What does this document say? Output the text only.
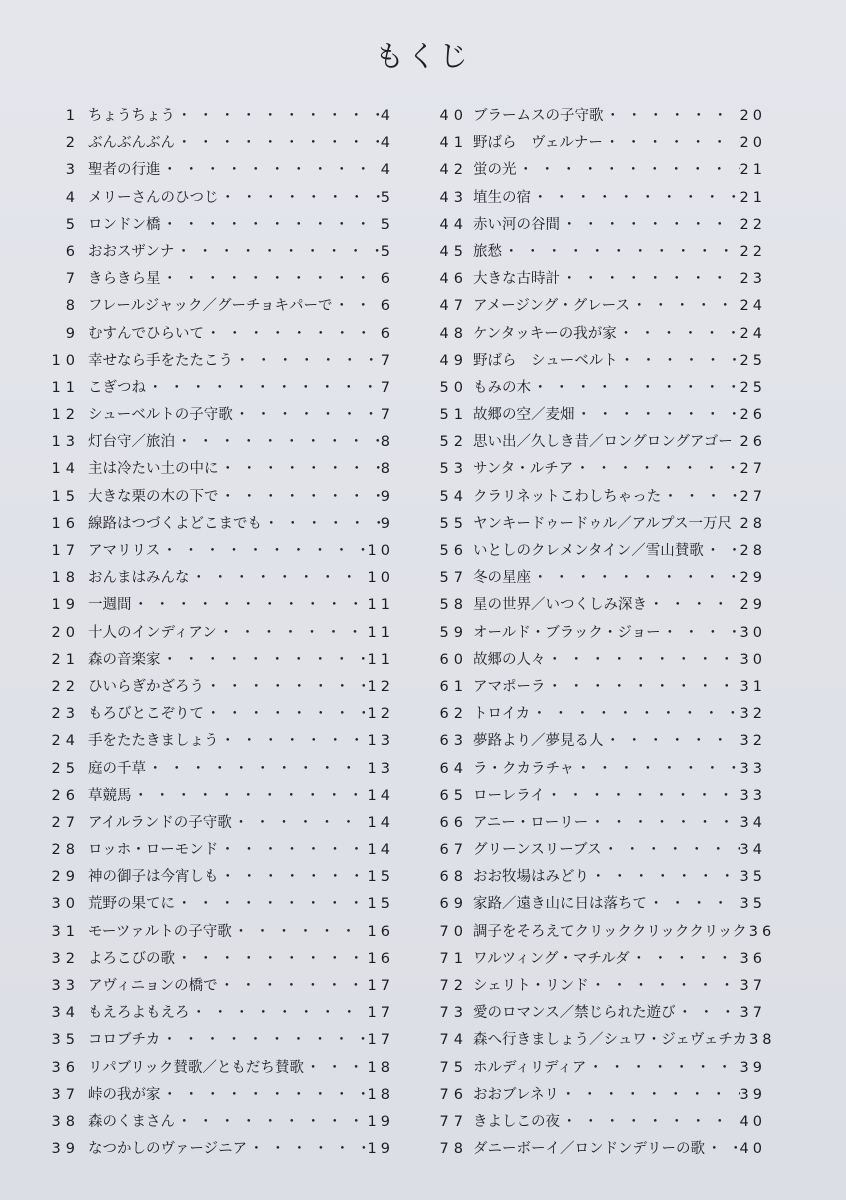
もくじ
1 ちょうちょう ・・・・・・・・・・・・・・・・・・・・・・・・・・・・・・・・・・・	4
2 ぶんぶんぶん ・・・・・・・・・・・・・・・・・・・・・・・・・・・・・・・・・・・	4
3 聖者の行進 ・・・・・・・・・・・・・・・・・・・・・・・・・・・・・・・・・・・	4
4 メリーさんのひつじ ・・・・・・・・・・・・・・・・・・・・・・・・・・・・・・・・・・・	5
5 ロンドン橋 ・・・・・・・・・・・・・・・・・・・・・・・・・・・・・・・・・・・	5
6 おおスザンナ ・・・・・・・・・・・・・・・・・・・・・・・・・・・・・・・・・・・	5
7 きらきら星 ・・・・・・・・・・・・・・・・・・・・・・・・・・・・・・・・・・・	6
8 フレールジャック／グーチョキパーで ・・・・・・・・・・・・・・・・・・・・・・・・・・・・・・・・・・・	6
9 むすんでひらいて ・・・・・・・・・・・・・・・・・・・・・・・・・・・・・・・・・・・	6
10 幸せなら手をたたこう ・・・・・・・・・・・・・・・・・・・・・・・・・・・・・・・・・・・	7
11 こぎつね ・・・・・・・・・・・・・・・・・・・・・・・・・・・・・・・・・・・	7
12 シューベルトの子守歌 ・・・・・・・・・・・・・・・・・・・・・・・・・・・・・・・・・・・	7
13 灯台守／旅泊 ・・・・・・・・・・・・・・・・・・・・・・・・・・・・・・・・・・・	8
14 主は冷たい土の中に ・・・・・・・・・・・・・・・・・・・・・・・・・・・・・・・・・・・	8
15 大きな栗の木の下で ・・・・・・・・・・・・・・・・・・・・・・・・・・・・・・・・・・・	9
16 線路はつづくよどこまでも ・・・・・・・・・・・・・・・・・・・・・・・・・・・・・・・・・・・	9
17 アマリリス ・・・・・・・・・・・・・・・・・・・・・・・・・・・・・・・・・・・	10
18 おんまはみんな ・・・・・・・・・・・・・・・・・・・・・・・・・・・・・・・・・・・	10
19 一週間 ・・・・・・・・・・・・・・・・・・・・・・・・・・・・・・・・・・・	11
20 十人のインディアン ・・・・・・・・・・・・・・・・・・・・・・・・・・・・・・・・・・・	11
21 森の音楽家 ・・・・・・・・・・・・・・・・・・・・・・・・・・・・・・・・・・・	11
22 ひいらぎかざろう ・・・・・・・・・・・・・・・・・・・・・・・・・・・・・・・・・・・	12
23 もろびとこぞりて ・・・・・・・・・・・・・・・・・・・・・・・・・・・・・・・・・・・	12
24 手をたたきましょう ・・・・・・・・・・・・・・・・・・・・・・・・・・・・・・・・・・・	13
25 庭の千草 ・・・・・・・・・・・・・・・・・・・・・・・・・・・・・・・・・・・	13
26 草競馬 ・・・・・・・・・・・・・・・・・・・・・・・・・・・・・・・・・・・	14
27 アイルランドの子守歌 ・・・・・・・・・・・・・・・・・・・・・・・・・・・・・・・・・・・	14
28 ロッホ・ローモンド ・・・・・・・・・・・・・・・・・・・・・・・・・・・・・・・・・・・	14
29 神の御子は今宵しも ・・・・・・・・・・・・・・・・・・・・・・・・・・・・・・・・・・・	15
30 荒野の果てに ・・・・・・・・・・・・・・・・・・・・・・・・・・・・・・・・・・・	15
31 モーツァルトの子守歌 ・・・・・・・・・・・・・・・・・・・・・・・・・・・・・・・・・・・	16
32 よろこびの歌 ・・・・・・・・・・・・・・・・・・・・・・・・・・・・・・・・・・・	16
33 アヴィニョンの橋で ・・・・・・・・・・・・・・・・・・・・・・・・・・・・・・・・・・・	17
34 もえろよもえろ ・・・・・・・・・・・・・・・・・・・・・・・・・・・・・・・・・・・	17
35 コロブチカ ・・・・・・・・・・・・・・・・・・・・・・・・・・・・・・・・・・・	17
36 リパブリック賛歌／ともだち賛歌 ・・・・・・・・・・・・・・・・・・・・・・・・・・・・・・・・・・・	18
37 峠の我が家 ・・・・・・・・・・・・・・・・・・・・・・・・・・・・・・・・・・・	18
38 森のくまさん ・・・・・・・・・・・・・・・・・・・・・・・・・・・・・・・・・・・	19
39 なつかしのヴァージニア ・・・・・・・・・・・・・・・・・・・・・・・・・・・・・・・・・・・	19
40 ブラームスの子守歌 ・・・・・・・・・・・・・・・・・・・・・・・・・・・・・・・・・・・	20
41 野ばら　ヴェルナー ・・・・・・・・・・・・・・・・・・・・・・・・・・・・・・・・・・・	20
42 蛍の光 ・・・・・・・・・・・・・・・・・・・・・・・・・・・・・・・・・・・	21
43 埴生の宿 ・・・・・・・・・・・・・・・・・・・・・・・・・・・・・・・・・・・	21
44 赤い河の谷間 ・・・・・・・・・・・・・・・・・・・・・・・・・・・・・・・・・・・	22
45 旅愁 ・・・・・・・・・・・・・・・・・・・・・・・・・・・・・・・・・・・	22
46 大きな古時計 ・・・・・・・・・・・・・・・・・・・・・・・・・・・・・・・・・・・	23
47 アメージング・グレース ・・・・・・・・・・・・・・・・・・・・・・・・・・・・・・・・・・・	24
48 ケンタッキーの我が家 ・・・・・・・・・・・・・・・・・・・・・・・・・・・・・・・・・・・	24
49 野ばら　シューベルト ・・・・・・・・・・・・・・・・・・・・・・・・・・・・・・・・・・・	25
50 もみの木 ・・・・・・・・・・・・・・・・・・・・・・・・・・・・・・・・・・・	25
51 故郷の空／麦畑 ・・・・・・・・・・・・・・・・・・・・・・・・・・・・・・・・・・・	26
52 思い出／久しき昔／ロングロングアゴー ・・・・・・・・・・・・・・・・・・・・・・・・・・・・・・・・・・・ 26
53 サンタ・ルチア ・・・・・・・・・・・・・・・・・・・・・・・・・・・・・・・・・・・	27
54 クラリネットこわしちゃった ・・・・・・・・・・・・・・・・・・・・・・・・・・・・・・・・・・・	27
55 ヤンキードゥードゥル／アルプス一万尺 ・・・・・・・・・・・・・・・・・・・・・・・・・・・・・・・・・・・ 28
56 いとしのクレメンタイン／雪山賛歌 ・・・・・・・・・・・・・・・・・・・・・・・・・・・・・・・・・・・ 28
57 冬の星座 ・・・・・・・・・・・・・・・・・・・・・・・・・・・・・・・・・・・	29
58 星の世界／いつくしみ深き ・・・・・・・・・・・・・・・・・・・・・・・・・・・・・・・・・・・	29
59 オールド・ブラック・ジョー ・・・・・・・・・・・・・・・・・・・・・・・・・・・・・・・・・・・	30
60 故郷の人々 ・・・・・・・・・・・・・・・・・・・・・・・・・・・・・・・・・・・	30
61 アマポーラ ・・・・・・・・・・・・・・・・・・・・・・・・・・・・・・・・・・・	31
62 トロイカ ・・・・・・・・・・・・・・・・・・・・・・・・・・・・・・・・・・・	32
63 夢路より／夢見る人 ・・・・・・・・・・・・・・・・・・・・・・・・・・・・・・・・・・・	32
64 ラ・クカラチャ ・・・・・・・・・・・・・・・・・・・・・・・・・・・・・・・・・・・	33
65 ローレライ ・・・・・・・・・・・・・・・・・・・・・・・・・・・・・・・・・・・	33
66 アニー・ローリー ・・・・・・・・・・・・・・・・・・・・・・・・・・・・・・・・・・・	34
67 グリーンスリーブス ・・・・・・・・・・・・・・・・・・・・・・・・・・・・・・・・・・・	34
68 おお牧場はみどり ・・・・・・・・・・・・・・・・・・・・・・・・・・・・・・・・・・・	35
69 家路／遠き山に日は落ちて ・・・・・・・・・・・・・・・・・・・・・・・・・・・・・・・・・・・	35
70 調子をそろえてクリッククリッククリック ・・・・・・・・・・・・・・・・・・・・・・・・・・・・・・・・・・・ 36
71 ワルツィング・マチルダ ・・・・・・・・・・・・・・・・・・・・・・・・・・・・・・・・・・・	36
72 シェリト・リンド ・・・・・・・・・・・・・・・・・・・・・・・・・・・・・・・・・・・	37
73 愛のロマンス／禁じられた遊び ・・・・・・・・・・・・・・・・・・・・・・・・・・・・・・・・・・・	37
74 森へ行きましょう／シュワ・ジェヴェチカ ・・・・・・・・・・・・・・・・・・・・・・・・・・・・・・・・・・・ 38
75 ホルディリディア ・・・・・・・・・・・・・・・・・・・・・・・・・・・・・・・・・・・	39
76 おおブレネリ ・・・・・・・・・・・・・・・・・・・・・・・・・・・・・・・・・・・	39
77 きよしこの夜 ・・・・・・・・・・・・・・・・・・・・・・・・・・・・・・・・・・・	40
78 ダニーボーイ／ロンドンデリーの歌 ・・・・・・・・・・・・・・・・・・・・・・・・・・・・・・・・・・・ 40
